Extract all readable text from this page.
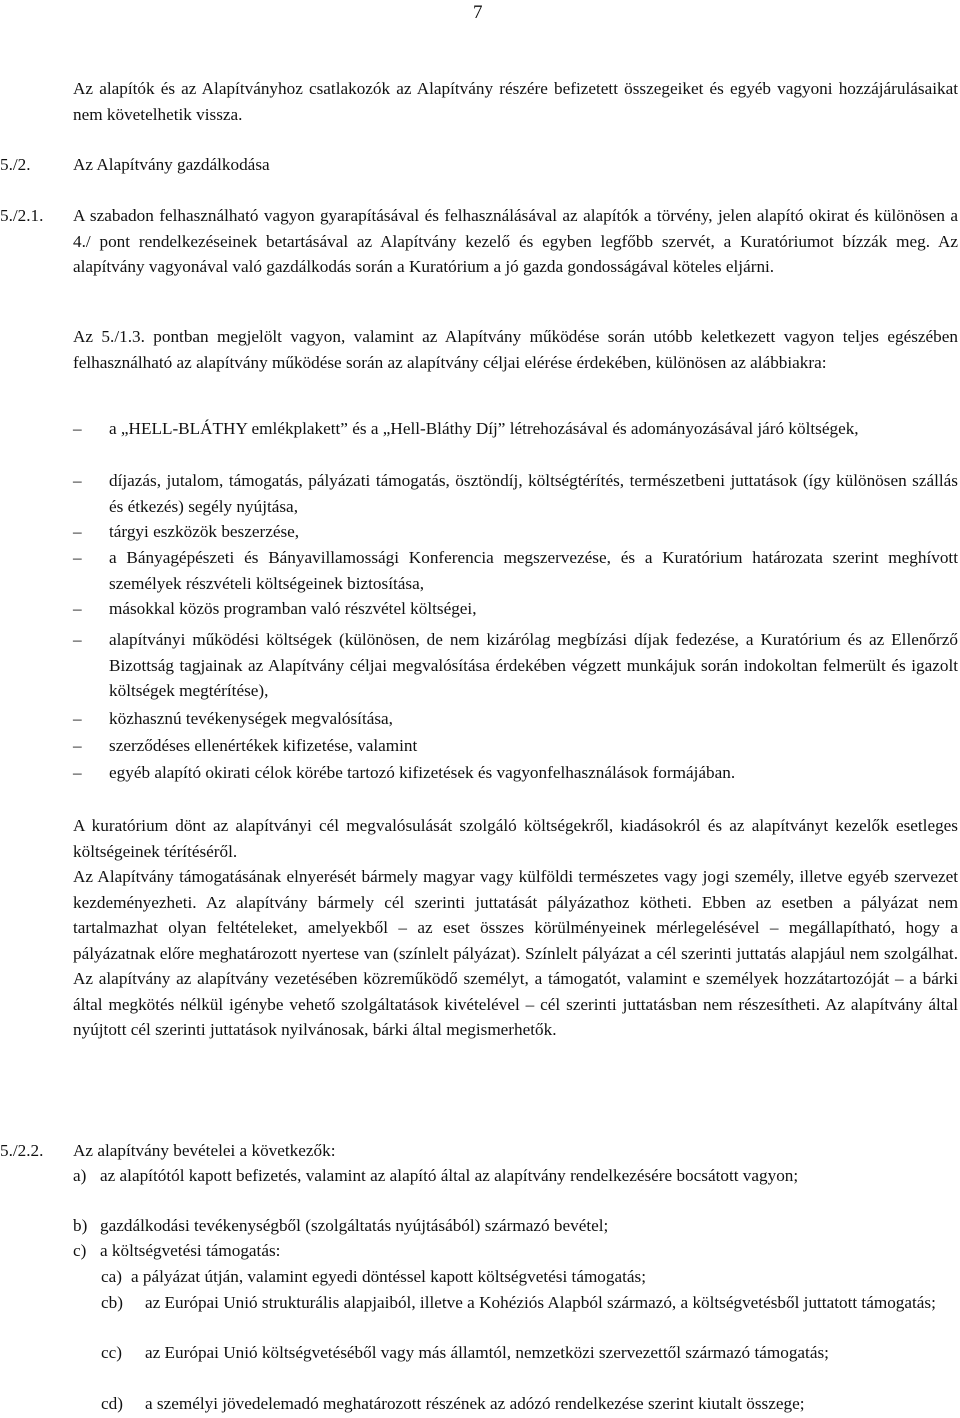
7
Az alapítók és az Alapítványhoz csatlakozók az Alapítvány részére befizetett összegeiket és egyéb vagyoni hozzájárulásaikat nem követelhetik vissza.
5./2. Az Alapítvány gazdálkodása
5./2.1. A szabadon felhasználható vagyon gyarapításával és felhasználásával az alapítók a törvény, jelen alapító okirat és különösen a 4./ pont rendelkezéseinek betartásával az Alapítvány kezelő és egyben legfőbb szervét, a Kuratóriumot bízzák meg. Az alapítvány vagyonával való gazdálkodás során a Kuratórium a jó gazda gondosságával köteles eljárni.
Az 5./1.3. pontban megjelölt vagyon, valamint az Alapítvány működése során utóbb keletkezett vagyon teljes egészében felhasználható az alapítvány működése során az alapítvány céljai elérése érdekében, különösen az alábbiakra:
– a „HELL-BLÁTHY emlékplakett” és a „Hell-Bláthy Díj” létrehozásával és adományozásával járó költségek,
– díjazás, jutalom, támogatás, pályázati támogatás, ösztöndíj, költségtérítés, természetbeni juttatások (így különösen szállás és étkezés) segély nyújtása,
– tárgyi eszközök beszerzése,
– a Bányagépészeti és Bányavillamossági Konferencia megszervezése, és a Kuratórium határozata szerint meghívott személyek részvételi költségeinek biztosítása,
– másokkal közös programban való részvétel költségei,
– alapítványi működési költségek (különösen, de nem kizárólag megbízási díjak fedezése, a Kuratórium és az Ellenőrző Bizottság tagjainak az Alapítvány céljai megvalósítása érdekében végzett munkájuk során indokoltan felmerült és igazolt költségek megtérítése),
– közhasznú tevékenységek megvalósítása,
– szerződéses ellenértékek kifizetése, valamint
– egyéb alapító okirati célok körébe tartozó kifizetések és vagyonfelhasználások formájában.
A kuratórium dönt az alapítványi cél megvalósulását szolgáló költségekről, kiadásokról és az alapítványt kezelők esetleges költségeinek térítéséről.
Az Alapítvány támogatásának elnyerését bármely magyar vagy külföldi természetes vagy jogi személy, illetve egyéb szervezet kezdeményezheti. Az alapítvány bármely cél szerinti juttatását pályázathoz kötheti. Ebben az esetben a pályázat nem tartalmazhat olyan feltételeket, amelyekből – az eset összes körülményeinek mérlegelésével – megállapítható, hogy a pályázatnak előre meghatározott nyertese van (színlelt pályázat). Színlelt pályázat a cél szerinti juttatás alapjául nem szolgálhat. Az alapítvány az alapítvány vezetésében közreműködő személyt, a támogatót, valamint e személyek hozzátartozóját – a bárki által megkötés nélkül igénybe vehető szolgáltatások kivételével – cél szerinti juttatásban nem részesítheti. Az alapítvány által nyújtott cél szerinti juttatások nyilvánosak, bárki által megismerhetők.
5./2.2. Az alapítvány bevételei a következők:
a) az alapítótól kapott befizetés, valamint az alapító által az alapítvány rendelkezésére bocsátott vagyon;
b) gazdálkodási tevékenységből (szolgáltatás nyújtásából) származó bevétel;
c) a költségvetési támogatás:
ca) a pályázat útján, valamint egyedi döntéssel kapott költségvetési támogatás;
cb) az Európai Unió strukturális alapjaiból, illetve a Kohéziós Alapból származó, a költségvetésből juttatott támogatás;
cc) az Európai Unió költségvetéséből vagy más államtól, nemzetközi szervezettől származó támogatás;
cd) a személyi jövedelemadó meghatározott részének az adózó rendelkezése szerint kiutalt összege;
